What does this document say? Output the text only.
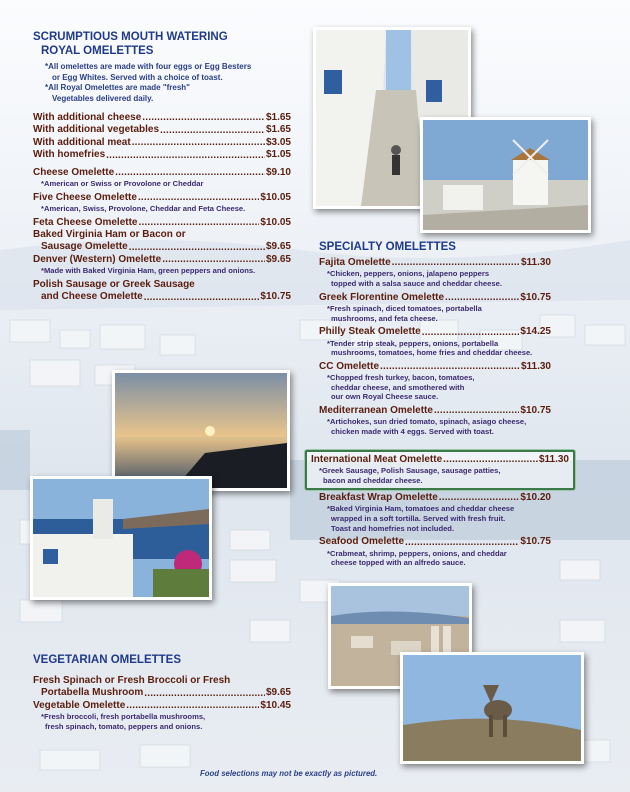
SCRUMPTIOUS MOUTH WATERING
ROYAL OMELETTES
*All omelettes are made with four eggs or Egg Besters
or Egg Whites. Served with a choice of toast.
*All Royal Omelettes are made "fresh"
Vegetables delivered daily.
With additional cheese .....	$1.65
With additional vegetables .....	$1.65
With additional meat .....	$3.05
With homefries .....	$1.05
Cheese Omelette .....	$9.10
*American or Swiss or Provolone or Cheddar
Five Cheese Omelette .....	$10.05
*American, Swiss, Provolone, Cheddar and Feta Cheese.
Feta Cheese Omelette .....	$10.05
Baked Virginia Ham or Bacon or
Sausage Omelette .....	$9.65
Denver (Western) Omelette .....	$9.65
*Made with Baked Virginia Ham, green peppers and onions.
Polish Sausage or Greek Sausage
and Cheese Omelette .....	$10.75
VEGETARIAN OMELETTES
Fresh Spinach or Fresh Broccoli or Fresh
Portabella Mushroom .....	$9.65
Vegetable Omelette .....	$10.45
*Fresh broccoli, fresh portabella mushrooms,
fresh spinach, tomato, peppers and onions.
SPECIALTY OMELETTES
Fajita Omelette .....	$11.30
*Chicken, peppers, onions, jalapeno peppers
topped with a salsa sauce and cheddar cheese.
Greek Florentine Omelette .....	$10.75
*Fresh spinach, diced tomatoes, portabella
mushrooms, and feta cheese.
Philly Steak Omelette .....	$14.25
*Tender strip steak, peppers, onions, portabella
mushrooms, tomatoes, home fries and cheddar cheese.
CC Omelette .....	$11.30
*Chopped fresh turkey, bacon, tomatoes,
cheddar cheese, and smothered with
our own Royal Cheese sauce.
Mediterranean Omelette .....	$10.75
*Artichokes, sun dried tomato, spinach, asiago cheese,
chicken made with 4 eggs. Served with toast.
International Meat Omelette .....	$11.30
*Greek Sausage, Polish Sausage, sausage patties,
bacon and cheddar cheese.
Breakfast Wrap Omelette .....	$10.20
*Baked Virginia Ham, tomatoes and cheddar cheese
wrapped in a soft tortilla. Served with fresh fruit.
Toast and homefries not included.
Seafood Omelette .....	$10.75
*Crabmeat, shrimp, peppers, onions, and cheddar
cheese topped with an alfredo sauce.
Food selections may not be exactly as pictured.
